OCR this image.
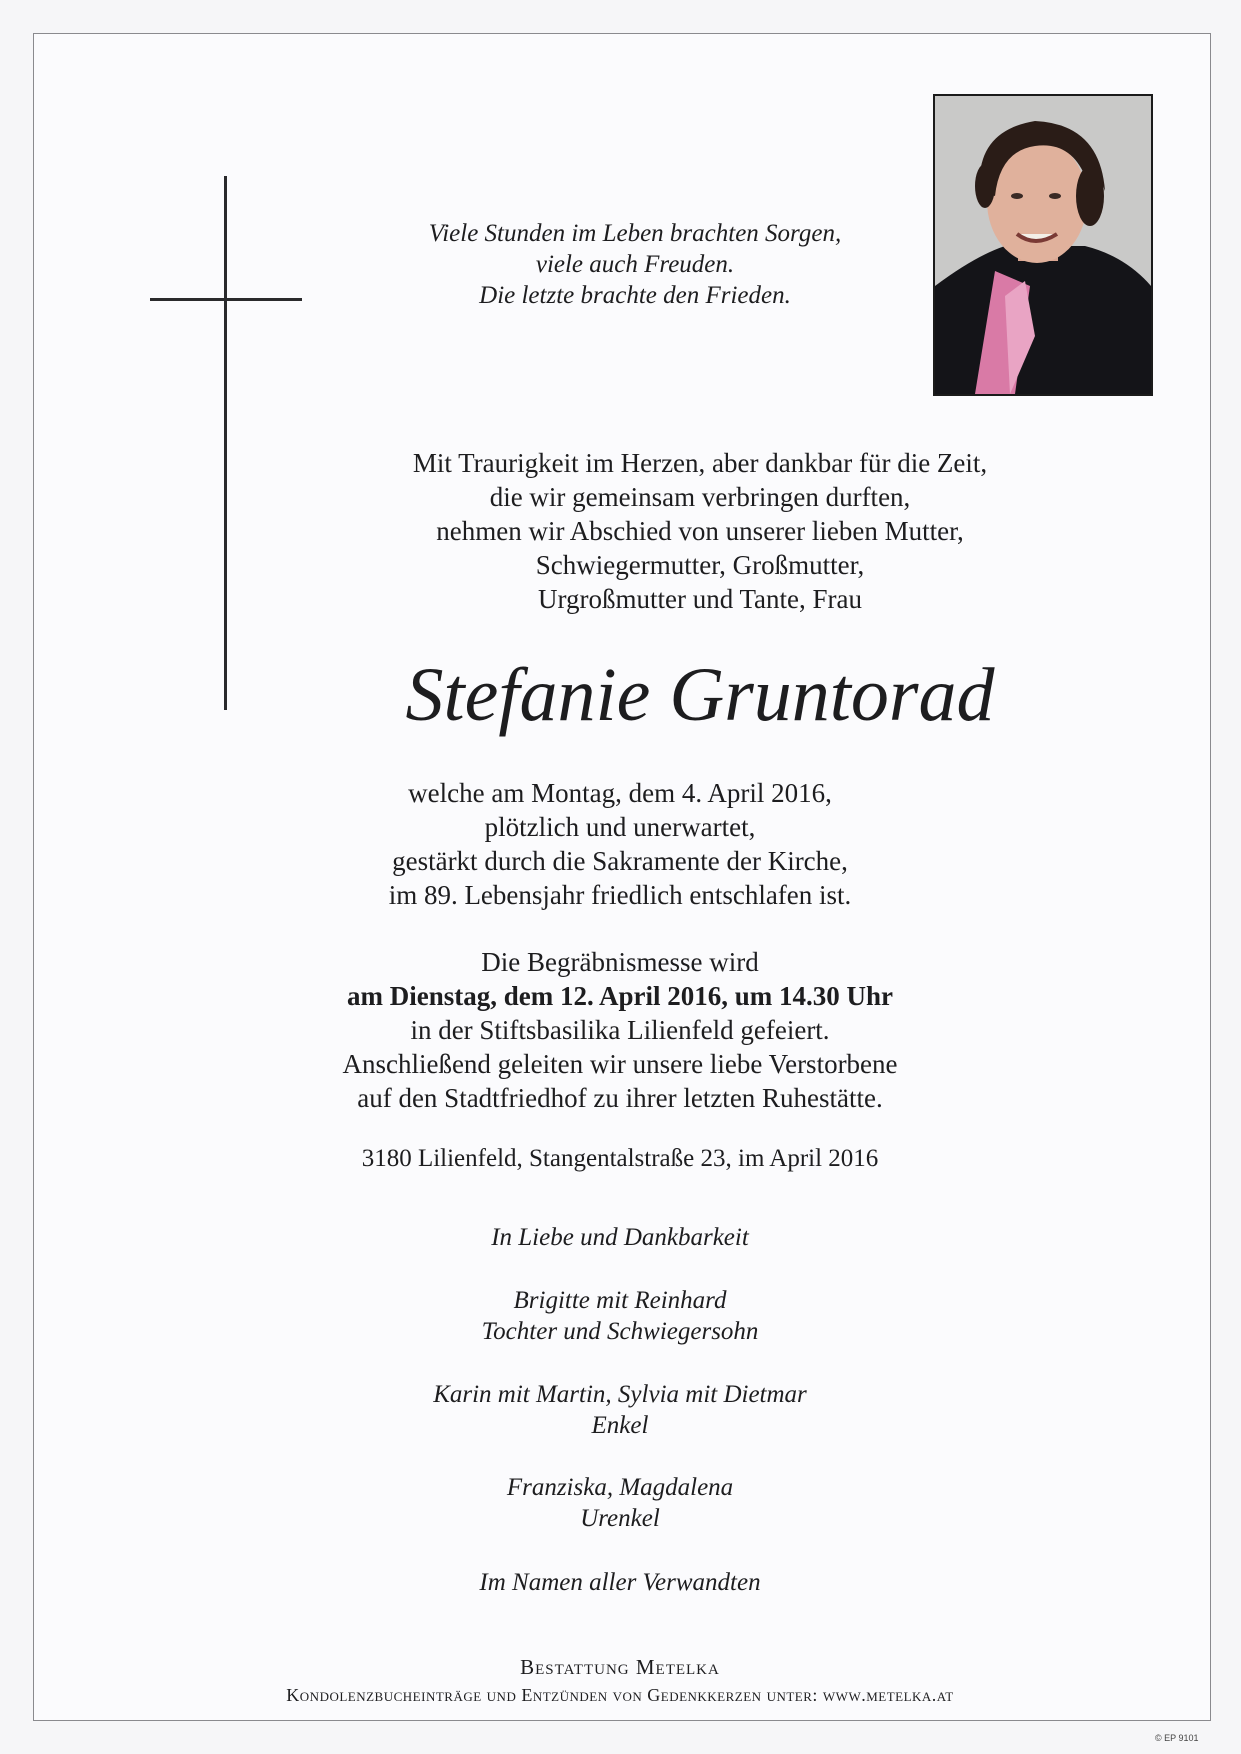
Viele Stunden im Leben brachten Sorgen,
viele auch Freuden.
Die letzte brachte den Frieden.
Mit Traurigkeit im Herzen, aber dankbar für die Zeit,
die wir gemeinsam verbringen durften,
nehmen wir Abschied von unserer lieben Mutter,
Schwiegermutter, Großmutter,
Urgroßmutter und Tante, Frau
Stefanie Gruntorad
welche am Montag, dem 4. April 2016,
plötzlich und unerwartet,
gestärkt durch die Sakramente der Kirche,
im 89. Lebensjahr friedlich entschlafen ist.
Die Begräbnismesse wird
am Dienstag, dem 12. April 2016, um 14.30 Uhr
in der Stiftsbasilika Lilienfeld gefeiert.
Anschließend geleiten wir unsere liebe Verstorbene
auf den Stadtfriedhof zu ihrer letzten Ruhestätte.
3180 Lilienfeld, Stangentalstraße 23, im April 2016
In Liebe und Dankbarkeit
Brigitte mit Reinhard
Tochter und Schwiegersohn
Karin mit Martin, Sylvia mit Dietmar
Enkel
Franziska, Magdalena
Urenkel
Im Namen aller Verwandten
Bestattung Metelka
Kondolenzbucheinträge und Entzünden von Gedenkkerzen unter: www.metelka.at
© EP 9101
